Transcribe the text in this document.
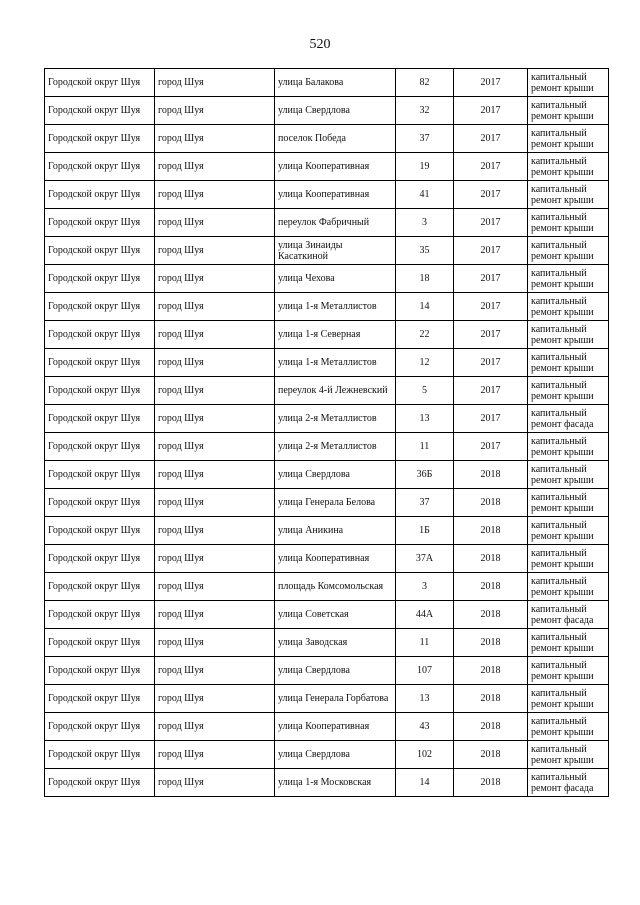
520
Городской округ Шуя	город Шуя	улица Балакова	82	2017	капитальный ремонт крыши
Городской округ Шуя	город Шуя	улица Свердлова	32	2017	капитальный ремонт крыши
Городской округ Шуя	город Шуя	поселок Победа	37	2017	капитальный ремонт крыши
Городской округ Шуя	город Шуя	улица Кооперативная	19	2017	капитальный ремонт крыши
Городской округ Шуя	город Шуя	улица Кооперативная	41	2017	капитальный ремонт крыши
Городской округ Шуя	город Шуя	переулок Фабричный	3	2017	капитальный ремонт крыши
Городской округ Шуя	город Шуя	улица Зинаиды Касаткиной	35	2017	капитальный ремонт крыши
Городской округ Шуя	город Шуя	улица Чехова	18	2017	капитальный ремонт крыши
Городской округ Шуя	город Шуя	улица 1-я Металлистов	14	2017	капитальный ремонт крыши
Городской округ Шуя	город Шуя	улица 1-я Северная	22	2017	капитальный ремонт крыши
Городской округ Шуя	город Шуя	улица 1-я Металлистов	12	2017	капитальный ремонт крыши
Городской округ Шуя	город Шуя	переулок 4-й Лежневский	5	2017	капитальный ремонт крыши
Городской округ Шуя	город Шуя	улица 2-я Металлистов	13	2017	капитальный ремонт фасада
Городской округ Шуя	город Шуя	улица 2-я Металлистов	11	2017	капитальный ремонт крыши
Городской округ Шуя	город Шуя	улица Свердлова	36Б	2018	капитальный ремонт крыши
Городской округ Шуя	город Шуя	улица Генерала Белова	37	2018	капитальный ремонт крыши
Городской округ Шуя	город Шуя	улица Аникина	1Б	2018	капитальный ремонт крыши
Городской округ Шуя	город Шуя	улица Кооперативная	37А	2018	капитальный ремонт крыши
Городской округ Шуя	город Шуя	площадь Комсомольская	3	2018	капитальный ремонт крыши
Городской округ Шуя	город Шуя	улица Советская	44А	2018	капитальный ремонт фасада
Городской округ Шуя	город Шуя	улица Заводская	11	2018	капитальный ремонт крыши
Городской округ Шуя	город Шуя	улица Свердлова	107	2018	капитальный ремонт крыши
Городской округ Шуя	город Шуя	улица Генерала Горбатова	13	2018	капитальный ремонт крыши
Городской округ Шуя	город Шуя	улица Кооперативная	43	2018	капитальный ремонт крыши
Городской округ Шуя	город Шуя	улица Свердлова	102	2018	капитальный ремонт крыши
Городской округ Шуя	город Шуя	улица 1-я Московская	14	2018	капитальный ремонт фасада
